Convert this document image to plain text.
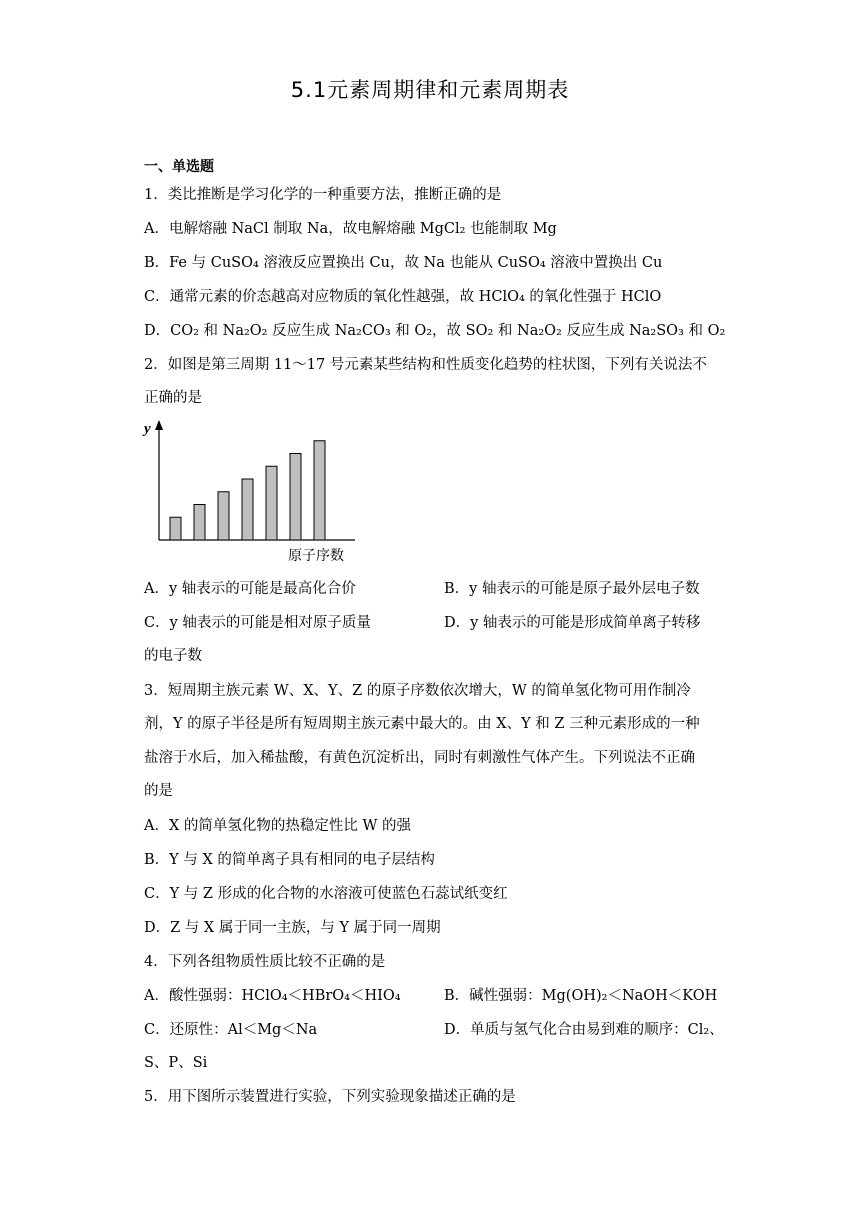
5.1元素周期律和元素周期表
一、单选题
1．类比推断是学习化学的一种重要方法，推断正确的是
A．电解熔融 NaCl 制取 Na，故电解熔融 MgCl₂ 也能制取 Mg
B．Fe 与 CuSO₄ 溶液反应置换出 Cu，故 Na 也能从 CuSO₄ 溶液中置换出 Cu
C．通常元素的价态越高对应物质的氧化性越强，故 HClO₄ 的氧化性强于 HClO
D．CO₂ 和 Na₂O₂ 反应生成 Na₂CO₃ 和 O₂，故 SO₂ 和 Na₂O₂ 反应生成 Na₂SO₃ 和 O₂
2．如图是第三周期 11～17 号元素某些结构和性质变化趋势的柱状图，下列有关说法不
正确的是
y
原子序数
A．y 轴表示的可能是最高化合价	B．y 轴表示的可能是原子最外层电子数
C．y 轴表示的可能是相对原子质量	D．y 轴表示的可能是形成简单离子转移
的电子数
3．短周期主族元素 W、X、Y、Z 的原子序数依次增大，W 的简单氢化物可用作制冷
剂，Y 的原子半径是所有短周期主族元素中最大的。由 X、Y 和 Z 三种元素形成的一种
盐溶于水后，加入稀盐酸，有黄色沉淀析出，同时有刺激性气体产生。下列说法不正确
的是
A．X 的简单氢化物的热稳定性比 W 的强
B．Y 与 X 的简单离子具有相同的电子层结构
C．Y 与 Z 形成的化合物的水溶液可使蓝色石蕊试纸变红
D．Z 与 X 属于同一主族，与 Y 属于同一周期
4．下列各组物质性质比较不正确的是
A．酸性强弱：HClO₄＜HBrO₄＜HIO₄	B．碱性强弱：Mg(OH)₂＜NaOH＜KOH
C．还原性：Al＜Mg＜Na	D．单质与氢气化合由易到难的顺序：Cl₂、
S、P、Si
5．用下图所示装置进行实验，下列实验现象描述正确的是
